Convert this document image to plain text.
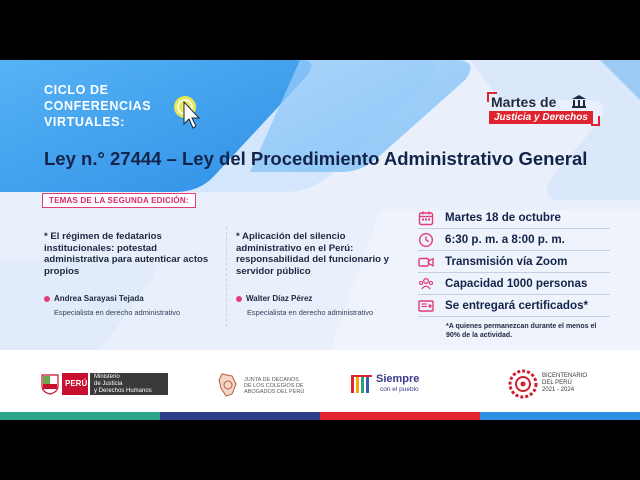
CICLO DE
CONFERENCIAS
VIRTUALES:
Martes de
Justicia y Derechos
Ley n.° 27444 – Ley del Procedimiento Administrativo General
TEMAS DE LA SEGUNDA EDICIÓN:
* El régimen de fedatarios institucionales: potestad administrativa para autenticar actos propios
* Aplicación del silencio administrativo en el Perú: responsabilidad del funcionario y servidor público
Andrea Sarayasi Tejada
Especialista en derecho administrativo
Walter Díaz Pérez
Especialista en derecho administrativo
Martes 18 de octubre
6:30 p. m. a 8:00 p. m.
Transmisión vía Zoom
Capacidad 1000 personas
Se entregará certificados*
*A quienes permanezcan durante el menos el 90% de la actividad.
PERÚ
Ministerio
de Justicia
y Derechos Humanos
JUNTA DE DECANOS
DE LOS COLEGIOS DE
ABOGADOS DEL PERÚ
Siempre
con el pueblo
BICENTENARIO
DEL PERÚ
2021 - 2024
